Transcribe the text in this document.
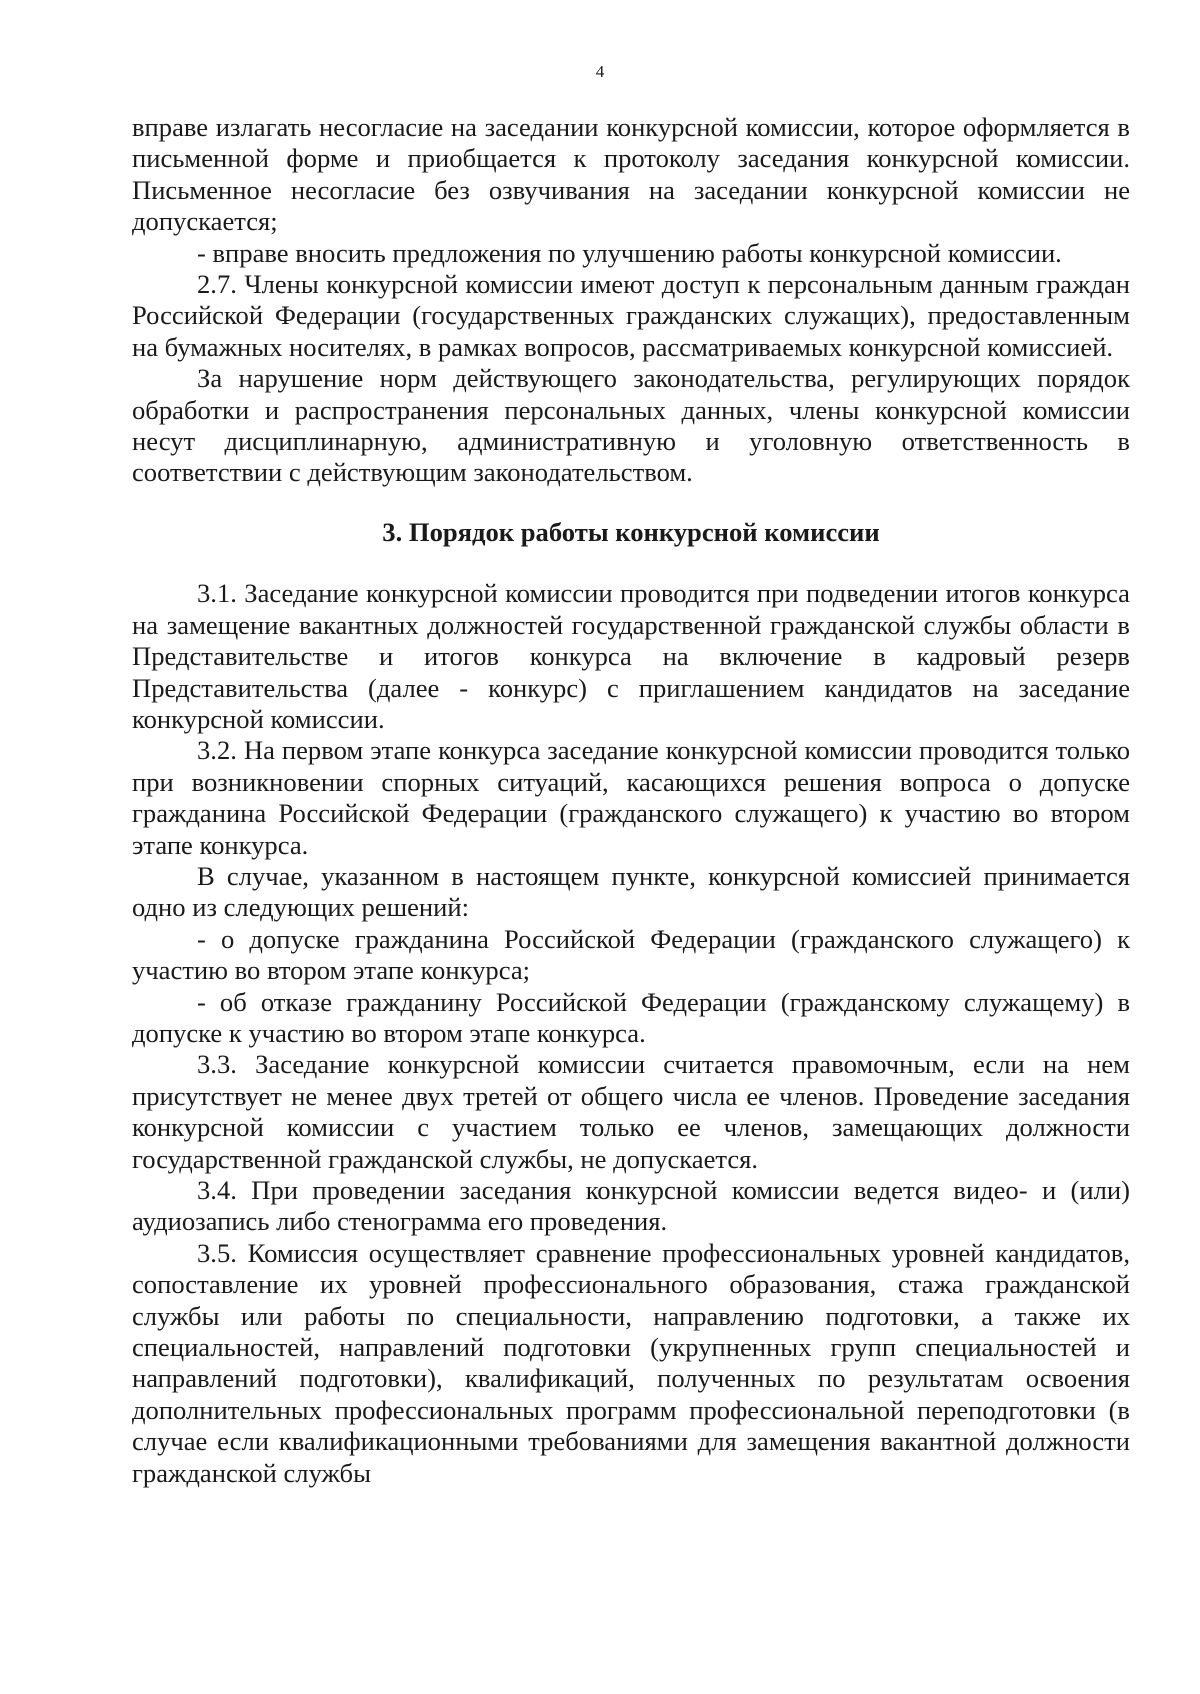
4

вправе излагать несогласие на заседании конкурсной комиссии, которое оформляется в письменной форме и приобщается к протоколу заседания конкурсной комиссии. Письменное несогласие без озвучивания на заседании конкурсной комиссии не допускается;

- вправе вносить предложения по улучшению работы конкурсной комиссии.

2.7. Члены конкурсной комиссии имеют доступ к персональным данным граждан Российской Федерации (государственных гражданских служащих), предоставленным на бумажных носителях, в рамках вопросов, рассматриваемых конкурсной комиссией.

За нарушение норм действующего законодательства, регулирующих порядок обработки и распространения персональных данных, члены конкурсной комиссии несут дисциплинарную, административную и уголовную ответственность в соответствии с действующим законодательством.

3. Порядок работы конкурсной комиссии

3.1. Заседание конкурсной комиссии проводится при подведении итогов конкурса на замещение вакантных должностей государственной гражданской службы области в Представительстве и итогов конкурса на включение в кадровый резерв Представительства (далее - конкурс) с приглашением кандидатов на заседание конкурсной комиссии.

3.2. На первом этапе конкурса заседание конкурсной комиссии проводится только при возникновении спорных ситуаций, касающихся решения вопроса о допуске гражданина Российской Федерации (гражданского служащего) к участию во втором этапе конкурса.

В случае, указанном в настоящем пункте, конкурсной комиссией принимается одно из следующих решений:

- о допуске гражданина Российской Федерации (гражданского служащего) к участию во втором этапе конкурса;

- об отказе гражданину Российской Федерации (гражданскому служащему) в допуске к участию во втором этапе конкурса.

3.3. Заседание конкурсной комиссии считается правомочным, если на нем присутствует не менее двух третей от общего числа ее членов. Проведение заседания конкурсной комиссии с участием только ее членов, замещающих должности государственной гражданской службы, не допускается.

3.4. При проведении заседания конкурсной комиссии ведется видео- и (или) аудиозапись либо стенограмма его проведения.

3.5. Комиссия осуществляет сравнение профессиональных уровней кандидатов, сопоставление их уровней профессионального образования, стажа гражданской службы или работы по специальности, направлению подготовки, а также их специальностей, направлений подготовки (укрупненных групп специальностей и направлений подготовки), квалификаций, полученных по результатам освоения дополнительных профессиональных программ профессиональной переподготовки (в случае если квалификационными требованиями для замещения вакантной должности гражданской службы
